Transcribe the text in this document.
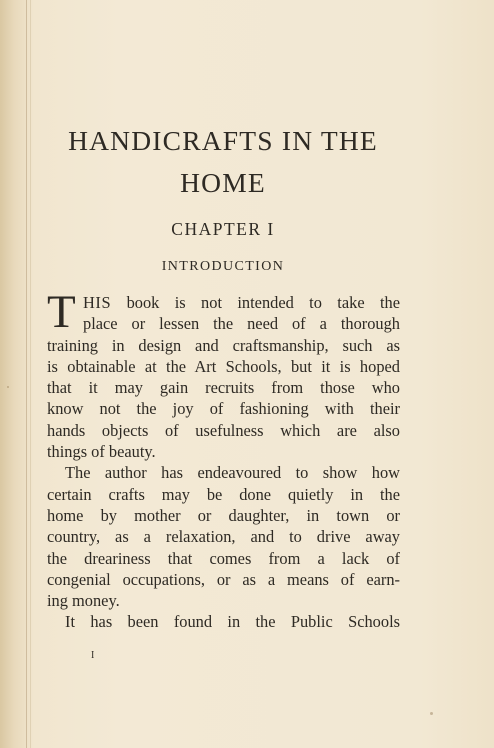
HANDICRAFTS IN THE
HOME
CHAPTER I
INTRODUCTION
T HIS book is not intended to take the
place or lessen the need of a thorough
training in design and craftsmanship, such as
is obtainable at the Art Schools, but it is hoped
that it may gain recruits from those who
know not the joy of fashioning with their
hands objects of usefulness which are also
things of beauty.
The author has endeavoured to show how
certain crafts may be done quietly in the
home by mother or daughter, in town or
country, as a relaxation, and to drive away
the dreariness that comes from a lack of
congenial occupations, or as a means of earn-
ing money.
It has been found in the Public Schools
I
